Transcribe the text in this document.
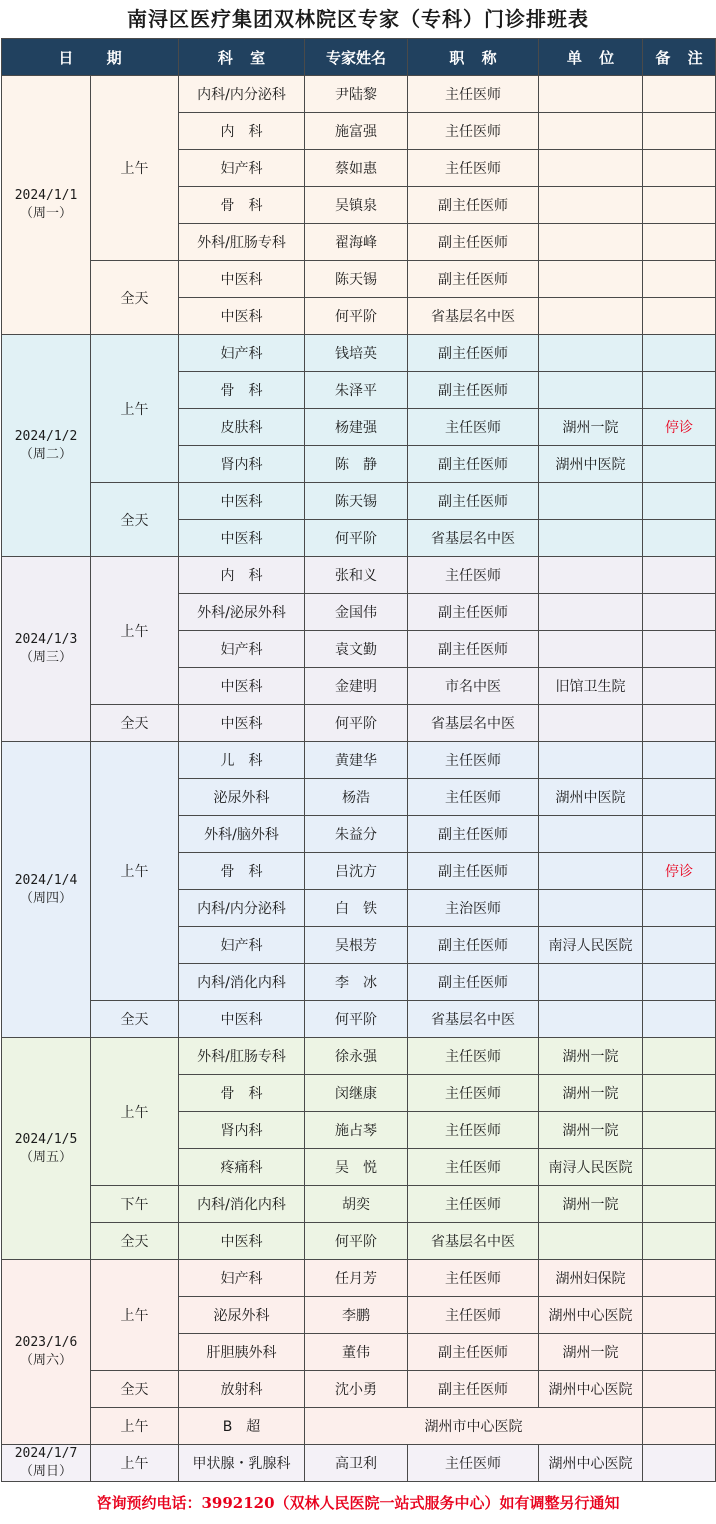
南浔区医疗集团双林院区专家（专科）门诊排班表
日 期		科 室	专家姓名	职 称	单 位	备 注

2024/1/1
（周一）	上午	内科/内分泌科	尹陆黎	主任医师		
		内　科	施富强	主任医师		
		妇产科	蔡如惠	主任医师		
		骨　科	吴镇泉	副主任医师		
		外科/肛肠专科	翟海峰	副主任医师		
	全天	中医科	陈天锡	副主任医师		
		中医科	何平阶	省基层名中医		

2024/1/2
（周二）	上午	妇产科	钱培英	副主任医师		
		骨　科	朱泽平	副主任医师		
		皮肤科	杨建强	主任医师	湖州一院	停诊
		肾内科	陈　静	副主任医师	湖州中医院	
	全天	中医科	陈天锡	副主任医师		
		中医科	何平阶	省基层名中医		

2024/1/3
（周三）	上午	内　科	张和义	主任医师		
		外科/泌尿外科	金国伟	副主任医师		
		妇产科	袁文勤	副主任医师		
		中医科	金建明	市名中医	旧馆卫生院	
	全天	中医科	何平阶	省基层名中医		

2024/1/4
（周四）	上午	儿　科	黄建华	主任医师		
		泌尿外科	杨浩	主任医师	湖州中医院	
		外科/脑外科	朱益分	副主任医师		
		骨　科	吕沈方	副主任医师		停诊
		内科/内分泌科	白　铁	主治医师		
		妇产科	吴根芳	副主任医师	南浔人民医院	
		内科/消化内科	李　冰	副主任医师		
	全天	中医科	何平阶	省基层名中医		

2024/1/5
（周五）	上午	外科/肛肠专科	徐永强	主任医师	湖州一院	
		骨　科	闵继康	主任医师	湖州一院	
		肾内科	施占琴	主任医师	湖州一院	
		疼痛科	吴　悦	主任医师	南浔人民医院	
	下午	内科/消化内科	胡奕	主任医师	湖州一院	
	全天	中医科	何平阶	省基层名中医		

2023/1/6
（周六）	上午	妇产科	任月芳	主任医师	湖州妇保院	
		泌尿外科	李鹏	主任医师	湖州中心医院	
		肝胆胰外科	董伟	副主任医师	湖州一院	
	全天	放射科	沈小勇	副主任医师	湖州中心医院	
	上午	B　超	湖州市中心医院			

2024/1/7
（周日）	上午	甲状腺・乳腺科	高卫利	主任医师	湖州中心医院	
咨询预约电话：3992120（双林人民医院一站式服务中心）如有调整另行通知
